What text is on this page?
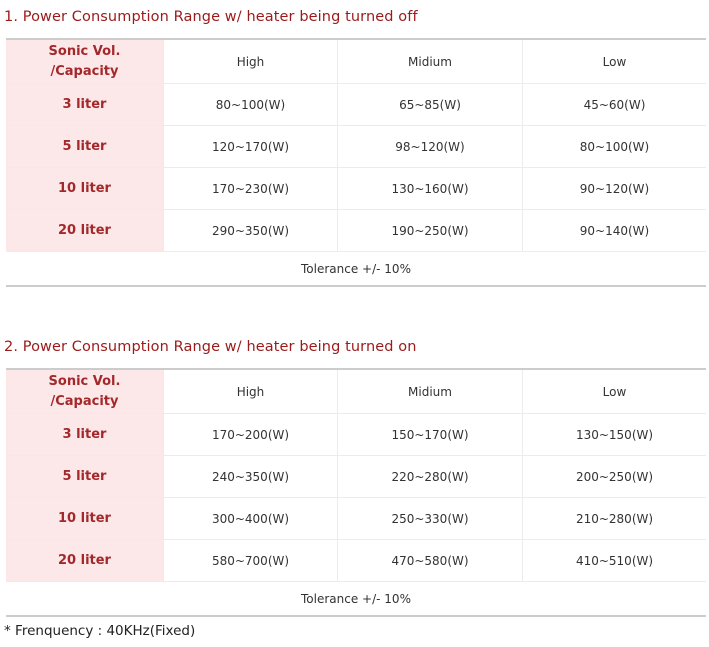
1. Power Consumption Range w/ heater being turned off
Sonic Vol.
/Capacity
High	Midium	Low
3 liter	80~100(W)	65~85(W)	45~60(W)
5 liter	120~170(W)	98~120(W)	80~100(W)
10 liter	170~230(W)	130~160(W)	90~120(W)
20 liter	290~350(W)	190~250(W)	90~140(W)
Tolerance +/- 10%
2. Power Consumption Range w/ heater being turned on
Sonic Vol.
/Capacity
High	Midium	Low
3 liter	170~200(W)	150~170(W)	130~150(W)
5 liter	240~350(W)	220~280(W)	200~250(W)
10 liter	300~400(W)	250~330(W)	210~280(W)
20 liter	580~700(W)	470~580(W)	410~510(W)
Tolerance +/- 10%

* Frenquency : 40KHz(Fixed)
